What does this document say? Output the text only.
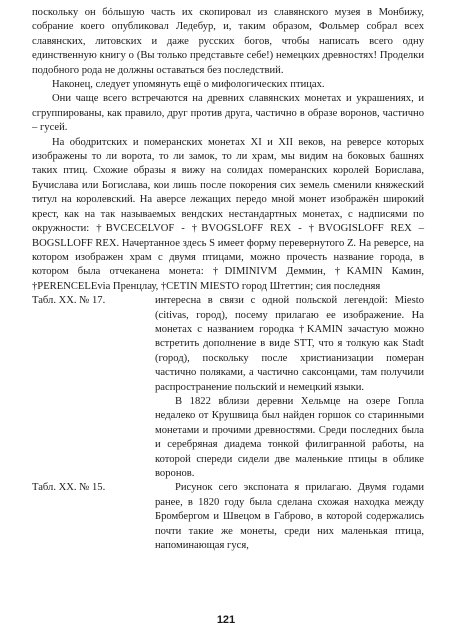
поскольку он бóльшую часть их скопировал из славянского музея в Монбижу, собрание коего опубликовал Ледебур, и, таким образом, Фольмер собрал всех славянских, литовских и даже русских богов, чтобы написать всего одну единственную книгу о (Вы только представьте себе!) немецких древностях! Проделки подобного рода не должны оставаться без последствий.

Наконец, следует упомянуть ещё о мифологических птицах.

Они чаще всего встречаются на древних славянских монетах и украшениях, и сгруппированы, как правило, друг против друга, частично в образе воронов, частично – гусей.

На ободритских и померанских монетах XI и XII веков, на реверсе которых изображены то ли ворота, то ли замок, то ли храм, мы видим на боковых башнях таких птиц. Схожие образы я вижу на солидах померанских королей Борислава, Бучислава или Богислава, кои лишь после покорения сих земель сменили княжеский титул на королевский. На аверсе лежащих передо мной монет изображён широкий крест, как на так называемых вендских нестандартных монетах, с надписями по окружности: †BVCECELVOF - †BVOGSLOFF REX - †BVOGISLOFF REX – BOGSLLOFF REX. Начертанное здесь S имеет форму перевернутого Z. На реверсе, на котором изображен храм с двумя птицами, можно прочесть название города, в котором была отчеканена монета: †DIMINIVM Деммин, †KAMIN Камин, †PERENCELEvia Пренцлау, †CETIN MIESTO город Штеттин; сия последняя

Табл. XX. № 17.	интересна в связи с одной польской легендой: Miesto (citivas, город), посему прилагаю ее изображение. На монетах с названием городка †KAMIN зачастую можно встретить дополнение в виде STT, что я толкую как Stadt (город), поскольку после христианизации померан частично поляками, а частично саксонцами, там получили распространение польский и немецкий языки.

В 1822 вблизи деревни Хельмце на озере Гопла недалеко от Крушвица был найден горшок со старинными монетами и прочими древностями. Среди последних была и серебряная диадема тонкой филигранной работы, на которой спереди сидели две маленькие птицы в облике воронов.

Табл. XX. № 15.	Рисунок сего экспоната я прилагаю. Двумя годами ранее, в 1820 году была сделана схожая находка между Бромбергом и Швецом в Габрово, в которой содержались почти такие же монеты, среди них маленькая птица, напоминающая гуся,

121
